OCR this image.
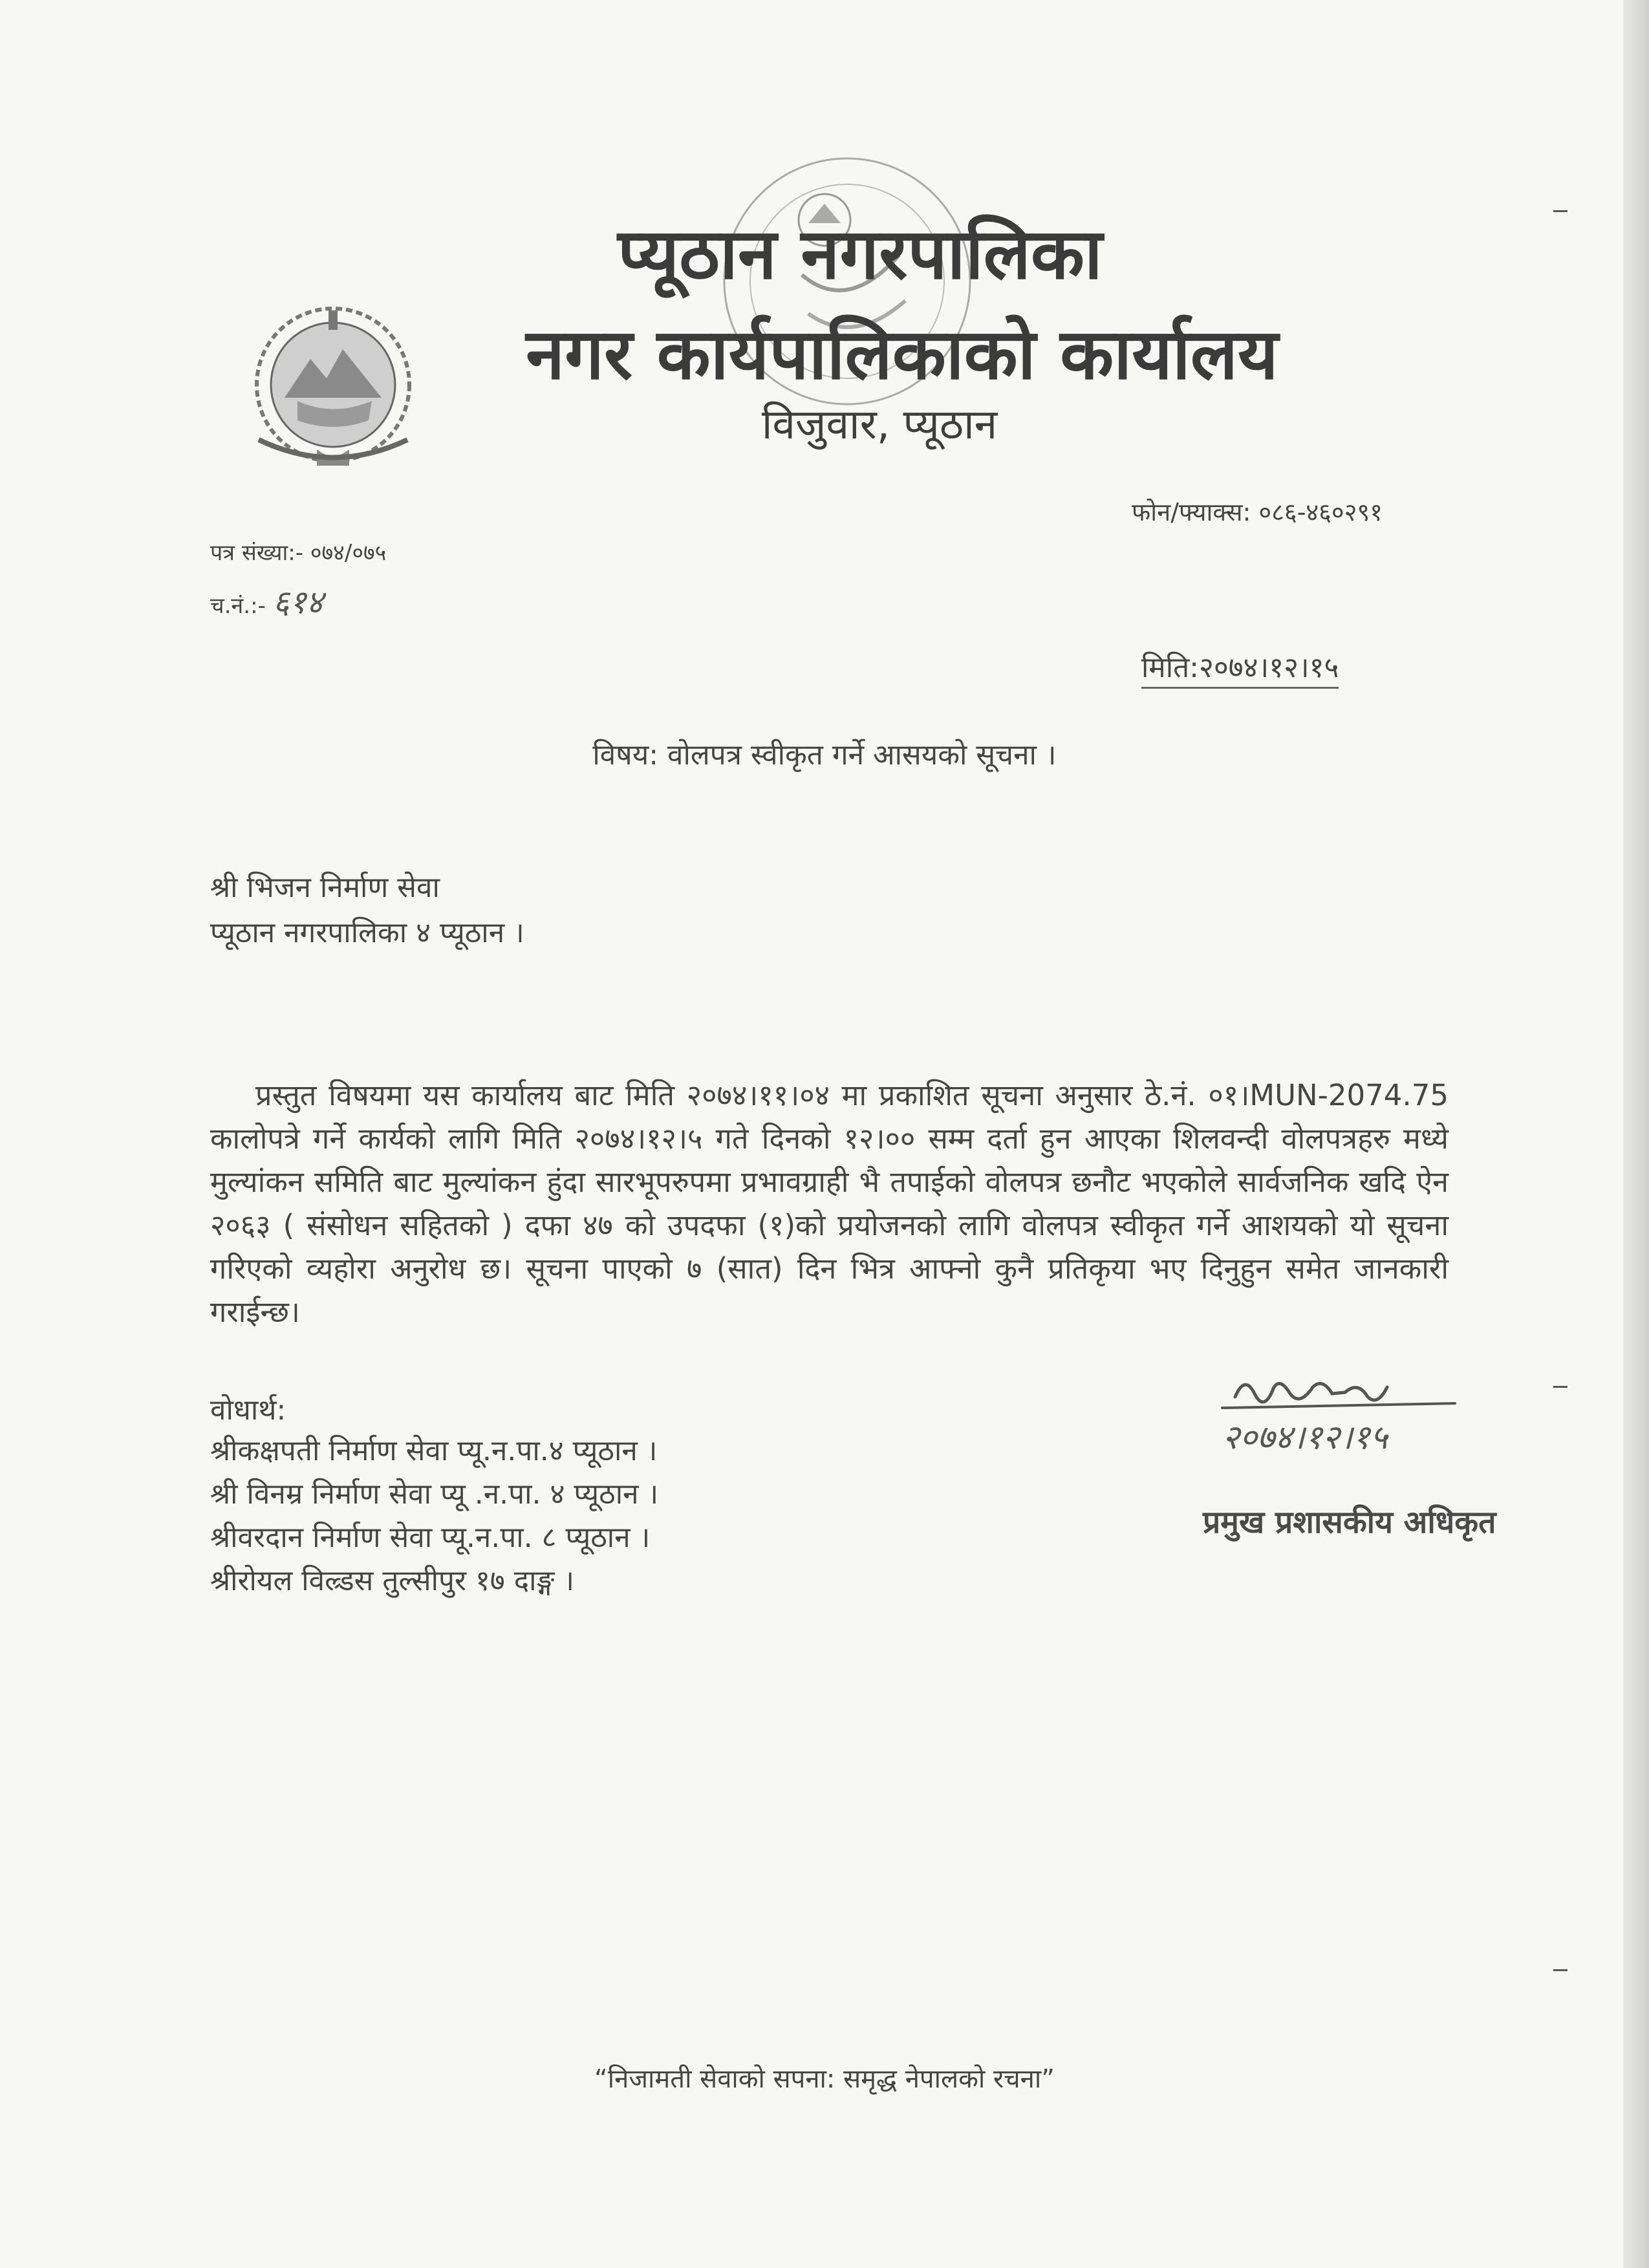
प्यूठान नगरपालिका
नगर कार्यपालिकाको कार्यालय
विजुवार, प्यूठान
फोन/फ्याक्स: ०८६-४६०२९१
पत्र संख्या:- ०७४/०७५
च.नं.:- ६१४
मिति:२०७४।१२।१५
विषय: वोलपत्र स्वीकृत गर्ने आसयको सूचना ।
श्री भिजन निर्माण सेवा
प्यूठान नगरपालिका ४ प्यूठान ।
प्रस्तुत विषयमा यस कार्यालय बाट मिति २०७४।११।०४ मा प्रकाशित सूचना अनुसार ठे.नं. ०१।MUN-2074.75 कालोपत्रे गर्ने कार्यको लागि मिति २०७४।१२।५ गते दिनको १२।०० सम्म दर्ता हुन आएका शिलवन्दी वोलपत्रहरु मध्ये मुल्यांकन समिति बाट मुल्यांकन हुंदा सारभूपरुपमा प्रभावग्राही भै तपाईको वोलपत्र छनौट भएकोले सार्वजनिक खदि ऐन २०६३ ( संसोधन सहितको ) दफा ४७ को उपदफा (१)को प्रयोजनको लागि वोलपत्र स्वीकृत गर्ने आशयको यो सूचना गरिएको व्यहोरा अनुरोध छ। सूचना पाएको ७ (सात) दिन भित्र आफ्नो कुनै प्रतिकृया भए दिनुहुन समेत जानकारी गराईन्छ।
वोधार्थ:
श्रीकक्षपती निर्माण सेवा प्यू.न.पा.४ प्यूठान ।
श्री विनम्र निर्माण सेवा प्यू .न.पा. ४ प्यूठान ।
श्रीवरदान निर्माण सेवा प्यू.न.पा. ८ प्यूठान ।
श्रीरोयल विल्र्डस तुल्सीपुर १७ दाङ्ग ।
२०७४।१२।१५
प्रमुख प्रशासकीय अधिकृत
“निजामती सेवाको सपना: समृद्ध नेपालको रचना”
